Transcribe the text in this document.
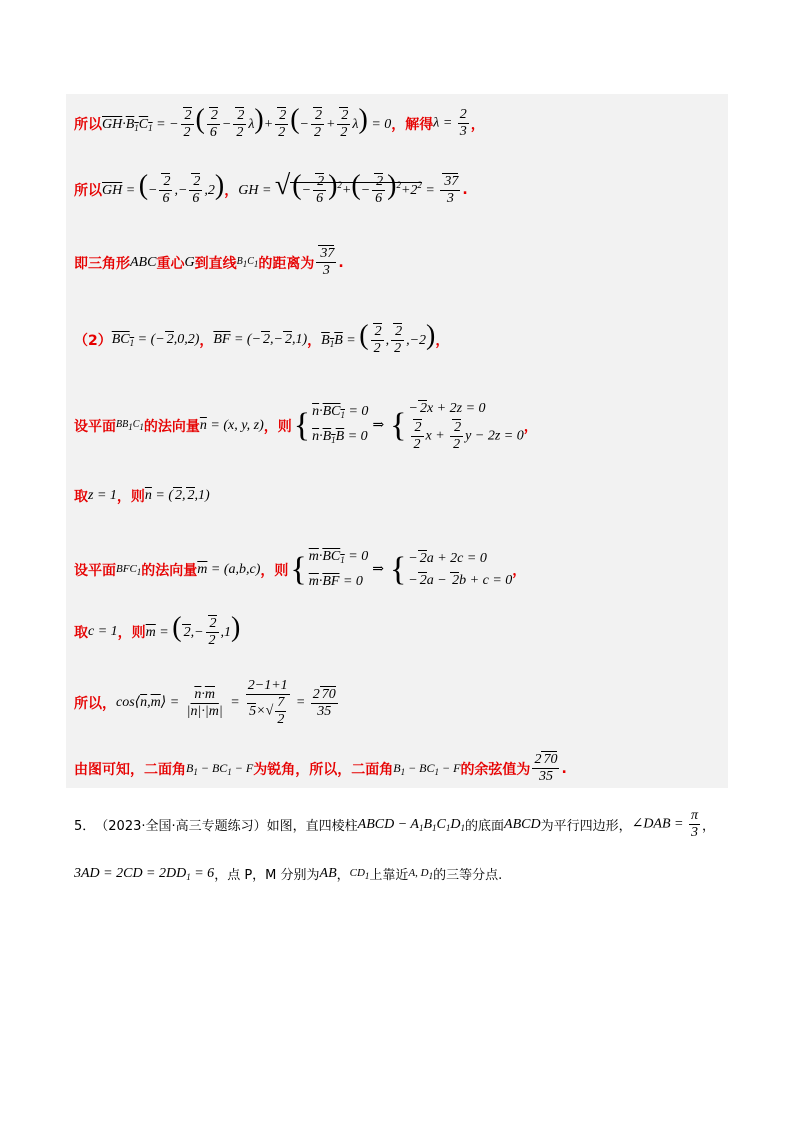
所以 $\overline{GH}\cdot B_1C_1$ = − $\frac{2}{2}$ ( $\frac{2}{6} - \frac{2}{2} \lambda)+ \frac{2}{2}$ (− $\frac{2}{2} + \frac{2}{2} \lambda) = 0$ ，解得 $\lambda = \frac{2}{3}$ ，
所以 $\overline{GH}$ = (− $\frac{2}{6}$ ,− $\frac{2}{6} ,2$) ， GH = √(− $\frac{2}{6} )^2+(- \frac{2}{6} )^2+2^2 = \frac{37}{3}$ .
即三角形 ABC 重心 G 到直线 B1C1 的距离为 $\frac{37}{3}$ .
（2） $BC_1$ = (− 2,0,2) ， $\overline{BF}$ = (− 2,− 2,1) ， $B_1B$ = ( $\frac{2}{2}$ , $\frac{2}{2} ,-2$) ，
设平面 BB1C1 的法向量 $\overline{n} = (x$, y, z) ，则 { $\overline{n}\cdot BC_1 = 0$
$\overline{n}\cdot B_1B = 0$
⇒ { − 2x + 2z = 0
$\frac{2}{2}$ $x + \frac{2}{2}$ y − 2z = 0
，
取 z = 1 ，则 $\overline{n}$ = ( 2, 2,1)
设平面 $BFC_1$ 的法向量 $\overline{m} = (a,b,c)$ ，则 { $\overline{m}\cdot BC_1 = 0$
$\overline{m}\cdot\overline{BF} = 0$
⇒ { − 2a + 2c = 0
− 2a − 2b + c = 0
，
取 c = 1 ，则 $\overline{m}$ = ( $2,- \frac{2}{2} ,1$)
所以， $\cos⟨\overline{n},\overline{m}⟩ = \frac{\overline{n}\cdot\overline{m}}{|\overline{n}|\cdot|\overline{m}|} = \frac{2-1+1}{5\times√ \frac{7}{2}} = \frac{2 70}{35}$
由图可知，二面角 $B_1 - BC_1 - F$ 为锐角，所以，二面角 $B_1 - BC_1 - F$ 的余弦值为 $\frac{2 70}{35}$ .
5． （2023·全国·高三专题练习） 如图，直四棱柱 ABCD − $A_1B_1C_1D_1$ 的底面 ABCD 为平行四边形， ∠DAB = $\frac{\pi}{3}$ ，
$3AD = 2CD = 2DD_1 = 6$ ，点 P，M 分别为 AB ， $CD_1$ 上靠近 A, $D_1$ 的三等分点.
